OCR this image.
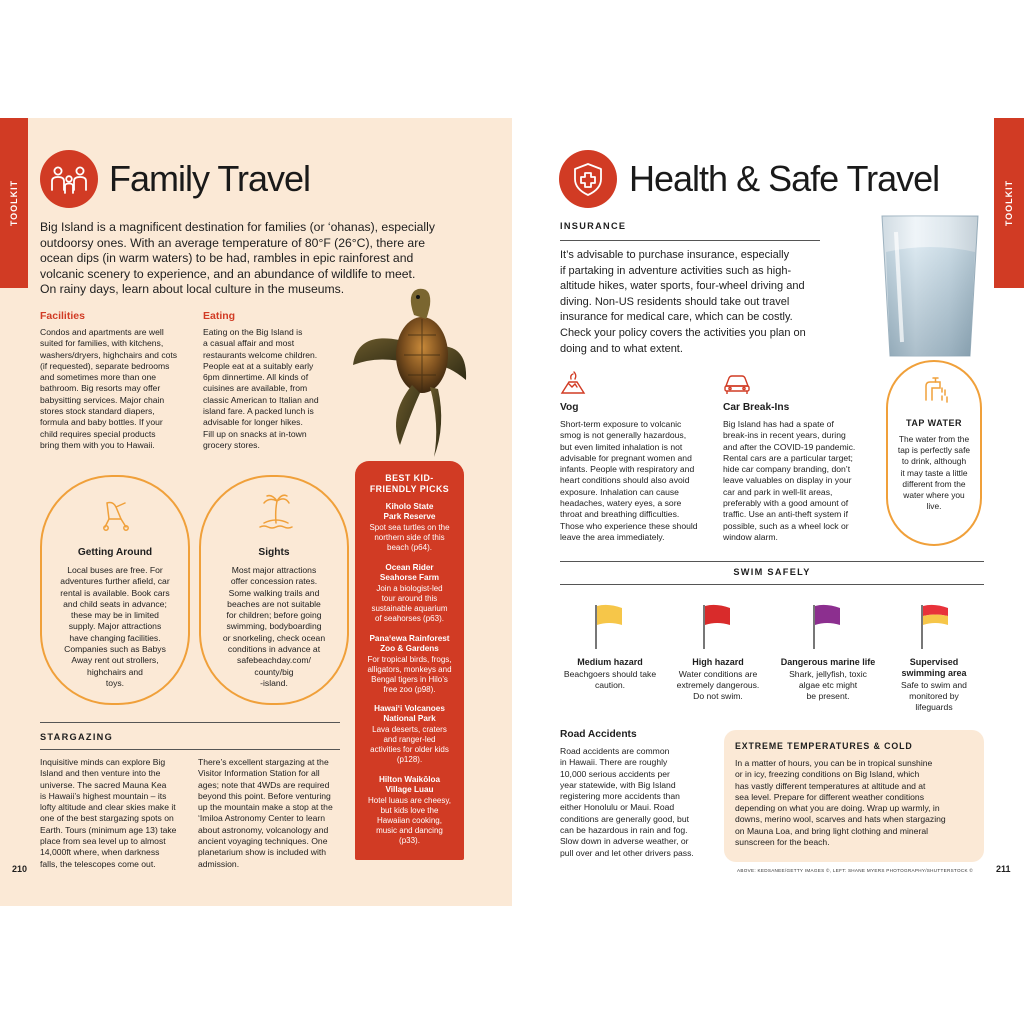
TOOLKIT
Family Travel
Big Island is a magnificent destination for families (or ‘ohanas), especially
outdoorsy ones. With an average temperature of 80°F (26°C), there are
ocean dips (in warm waters) to be had, rambles in epic rainforest and
volcanic scenery to experience, and an abundance of wildlife to meet.
On rainy days, learn about local culture in the museums.
Facilities
Condos and apartments are well
suited for families, with kitchens,
washers/dryers, highchairs and cots
(if requested), separate bedrooms
and sometimes more than one
bathroom. Big resorts may offer
babysitting services. Major chain
stores stock standard diapers,
formula and baby bottles. If your
child requires special products
bring them with you to Hawaii.
Eating
Eating on the Big Island is
a casual affair and most
restaurants welcome children.
People eat at a suitably early
6pm dinnertime. All kinds of
cuisines are available, from
classic American to Italian and
island fare. A packed lunch is
advisable for longer hikes.
Fill up on snacks at in-town
grocery stores.
Getting Around
Local buses are free. For
adventures further afield, car
rental is available. Book cars
and child seats in advance;
these may be in limited
supply. Major attractions
have changing facilities.
Companies such as Babys
Away rent out strollers,
highchairs and
toys.
Sights
Most major attractions
offer concession rates.
Some walking trails and
beaches are not suitable
for children; before going
swimming, bodyboarding
or snorkeling, check ocean
conditions in advance at
safebeachday.com/
county/big
-island.
BEST KID-
FRIENDLY PICKS
Kiholo State
Park Reserve
Spot sea turtles on the
northern side of this
beach (p64).
Ocean Rider
Seahorse Farm
Join a biologist-led
tour around this
sustainable aquarium
of seahorses (p63).
Pana‘ewa Rainforest
Zoo & Gardens
For tropical birds, frogs,
alligators, monkeys and
Bengal tigers in Hilo’s
free zoo (p98).
Hawai‘i Volcanoes
National Park
Lava deserts, craters
and ranger-led
activities for older kids
(p128).
Hilton Waikōloa
Village Luau
Hotel luaus are cheesy,
but kids love the
Hawaiian cooking,
music and dancing
(p33).
STARGAZING
Inquisitive minds can explore Big
Island and then venture into the
universe. The sacred Mauna Kea
is Hawaii’s highest mountain – its
lofty altitude and clear skies make it
one of the best stargazing spots on
Earth. Tours (minimum age 13) take
place from sea level up to almost
14,000ft where, when darkness
falls, the telescopes come out.
There’s excellent stargazing at the
Visitor Information Station for all
ages; note that 4WDs are required
beyond this point. Before venturing
up the mountain make a stop at the
‘Imiloa Astronomy Center to learn
about astronomy, volcanology and
ancient voyaging techniques. One
planetarium show is included with
admission.
210
TOOLKIT
Health & Safe Travel
INSURANCE
It’s advisable to purchase insurance, especially
if partaking in adventure activities such as high-
altitude hikes, water sports, four-wheel driving and
diving. Non-US residents should take out travel
insurance for medical care, which can be costly.
Check your policy covers the activities you plan on
doing and to what extent.
Vog
Short-term exposure to volcanic
smog is not generally hazardous,
but even limited inhalation is not
advisable for pregnant women and
infants. People with respiratory and
heart conditions should also avoid
exposure. Inhalation can cause
headaches, watery eyes, a sore
throat and breathing difficulties.
Those who experience these should
leave the area immediately.
Car Break-Ins
Big Island has had a spate of
break-ins in recent years, during
and after the COVID-19 pandemic.
Rental cars are a particular target;
hide car company branding, don’t
leave valuables on display in your
car and park in well-lit areas,
preferably with a good amount of
traffic. Use an anti-theft system if
possible, such as a wheel lock or
window alarm.
TAP WATER
The water from the
tap is perfectly safe
to drink, although
it may taste a little
different from the
water where you
live.
SWIM SAFELY
Medium hazard
Beachgoers should take
caution.
High hazard
Water conditions are
extremely dangerous.
Do not swim.
Dangerous marine life
Shark, jellyfish, toxic
algae etc might
be present.
Supervised
swimming area
Safe to swim and
monitored by
lifeguards
Road Accidents
Road accidents are common
in Hawaii. There are roughly
10,000 serious accidents per
year statewide, with Big Island
registering more accidents than
either Honolulu or Maui. Road
conditions are generally good, but
can be hazardous in rain and fog.
Slow down in adverse weather, or
pull over and let other drivers pass.
EXTREME TEMPERATURES & COLD
In a matter of hours, you can be in tropical sunshine
or in icy, freezing conditions on Big Island, which
has vastly different temperatures at altitude and at
sea level. Prepare for different weather conditions
depending on what you are doing. Wrap up warmly, in
downs, merino wool, scarves and hats when stargazing
on Mauna Loa, and bring light clothing and mineral
sunscreen for the beach.
ABOVE: KEDSANEE/GETTY IMAGES ©, LEFT: SHANE MYERS PHOTOGRAPHY/SHUTTERSTOCK ©	211
